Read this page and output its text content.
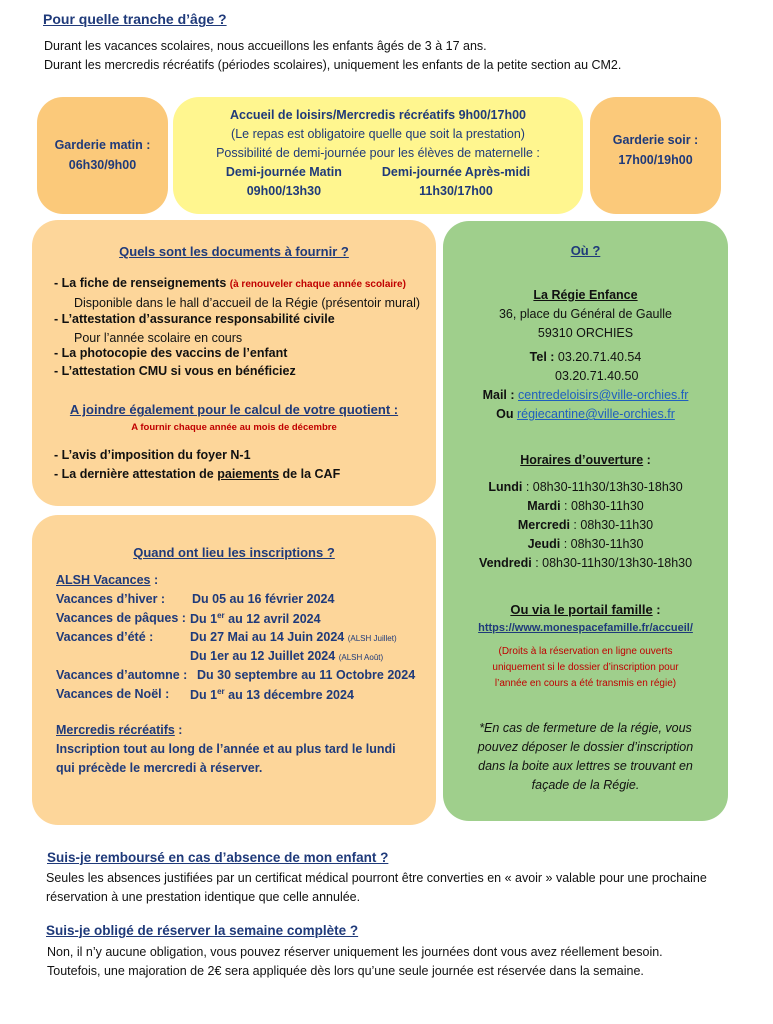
Pour quelle tranche d’âge ?
Durant les vacances scolaires, nous accueillons les enfants âgés de 3 à 17 ans.
Durant les mercredis récréatifs (périodes scolaires), uniquement les enfants de la petite section au CM2.
Garderie matin :
06h30/9h00
Accueil de loisirs/Mercredis récréatifs 9h00/17h00
(Le repas est obligatoire quelle que soit la prestation)
Possibilité de demi-journée pour les élèves de maternelle :
Demi-journée Matin
09h00/13h30
Demi-journée Après-midi
11h30/17h00
Garderie soir :
17h00/19h00
Quels sont les documents à fournir ?
- La fiche de renseignements (à renouveler chaque année scolaire)
Disponible dans le hall d’accueil de la Régie (présentoir mural)
- L’attestation d’assurance responsabilité civile
Pour l’année scolaire en cours
- La photocopie des vaccins de l’enfant
- L’attestation CMU si vous en bénéficiez
A joindre également pour le calcul de votre quotient :
A fournir chaque année au mois de décembre
- L’avis d’imposition du foyer N-1
- La dernière attestation de paiements de la CAF
Quand ont lieu les inscriptions ?
ALSH Vacances :
Vacances d’hiver : Du 05 au 16 février 2024
Vacances de pâques : Du 1er au 12 avril 2024
Vacances d’été :	Du 27 Mai au 14 Juin 2024 (ALSH Juillet)
Du 1er au 12 Juillet 2024 (ALSH Août)
Vacances d’automne : Du 30 septembre au 11 Octobre 2024
Vacances de Noël : Du 1er au 13 décembre 2024
Mercredis récréatifs :
Inscription tout au long de l’année et au plus tard le lundi
qui précède le mercredi à réserver.
Où ?
La Régie Enfance
36, place du Général de Gaulle
59310 ORCHIES
Tel : 03.20.71.40.54
03.20.71.40.50
Mail : centredeloisirs@ville-orchies.fr
Ou régiecantine@ville-orchies.fr
Horaires d’ouverture :
Lundi : 08h30-11h30/13h30-18h30
Mardi : 08h30-11h30
Mercredi : 08h30-11h30
Jeudi : 08h30-11h30
Vendredi : 08h30-11h30/13h30-18h30
Ou via le portail famille :
https://www.monespacefamille.fr/accueil/
(Droits à la réservation en ligne ouverts
uniquement si le dossier d’inscription pour
l’année en cours a été transmis en régie)
*En cas de fermeture de la régie, vous
pouvez déposer le dossier d’inscription
dans la boite aux lettres se trouvant en
façade de la Régie.
Suis-je remboursé en cas d’absence de mon enfant ?
Seules les absences justifiées par un certificat médical pourront être converties en « avoir » valable pour une prochaine
réservation à une prestation identique que celle annulée.
Suis-je obligé de réserver la semaine complète ?
Non, il n’y aucune obligation, vous pouvez réserver uniquement les journées dont vous avez réellement besoin.
Toutefois, une majoration de 2€ sera appliquée dès lors qu’une seule journée est réservée dans la semaine.
